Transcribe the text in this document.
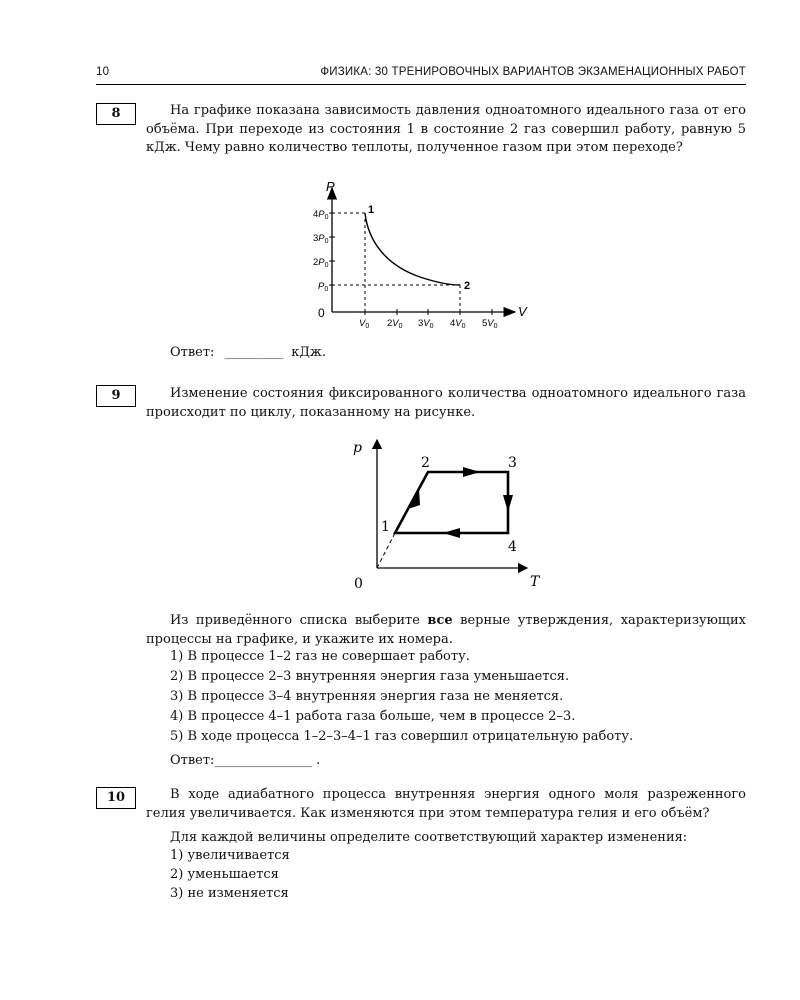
10	ФИЗИКА: 30 ТРЕНИРОВОЧНЫХ ВАРИАНТОВ ЭКЗАМЕНАЦИОННЫХ РАБОТ
8	На графике показана зависимость давления одноатомного идеального газа от его объёма. При переходе из состояния 1 в состояние 2 газ совершил работу, равную 5 кДж. Чему равно количество теплоты, полученное газом при этом переходе?
P
V
0
$4P_0$
$3P_0$
$2P_0$
$P_0$
$V_0$ $2V_0$ $3V_0$ $4V_0$ $5V_0$
1
2
Ответ: _________ кДж.
9	Изменение состояния фиксированного количества одноатомного идеального газа происходит по циклу, показанному на рисунке.
p
T
0
1
2	3
4
Из приведённого списка выберите все верные утверждения, характеризующих процессы на графике, и укажите их номера.
1) В процессе 1–2 газ не совершает работу.
2) В процессе 2–3 внутренняя энергия газа уменьшается.
3) В процессе 3–4 внутренняя энергия газа не меняется.
4) В процессе 4–1 работа газа больше, чем в процессе 2–3.
5) В ходе процесса 1–2–3–4–1 газ совершил отрицательную работу.
Ответ:_______________ .
10	В ходе адиабатного процесса внутренняя энергия одного моля разреженного гелия увеличивается. Как изменяются при этом температура гелия и его объём?
Для каждой величины определите соответствующий характер изменения:
1) увеличивается
2) уменьшается
3) не изменяется
